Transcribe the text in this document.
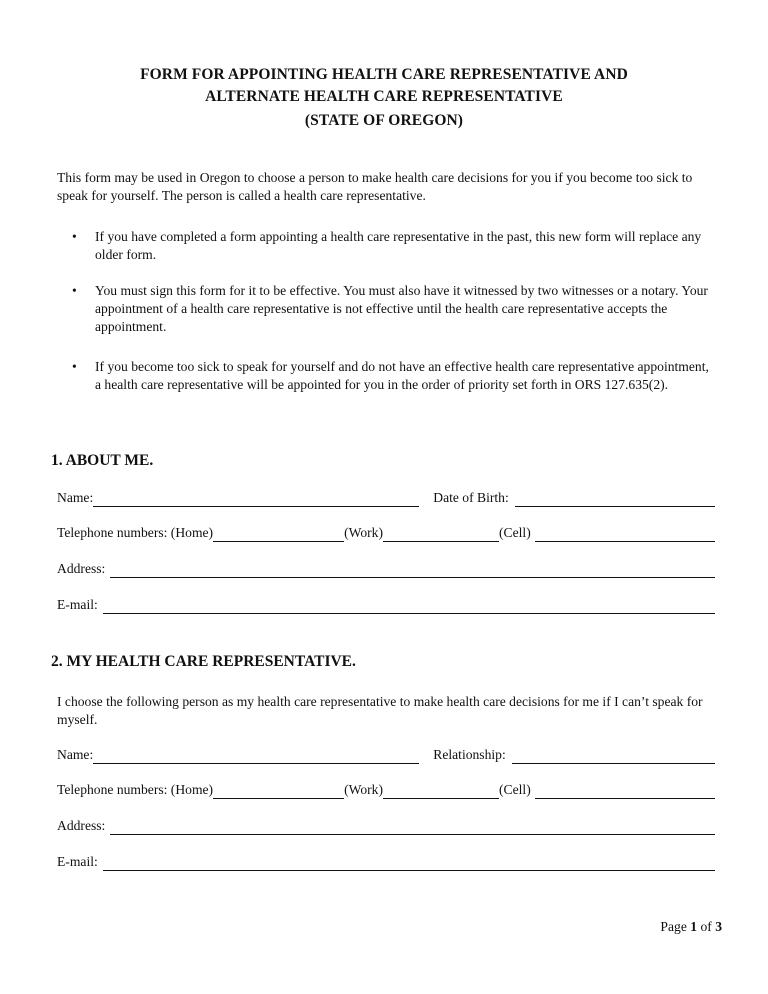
FORM FOR APPOINTING HEALTH CARE REPRESENTATIVE AND
ALTERNATE HEALTH CARE REPRESENTATIVE
(STATE OF OREGON)
This form may be used in Oregon to choose a person to make health care decisions for you if you become too sick to speak for yourself. The person is called a health care representative.
• If you have completed a form appointing a health care representative in the past, this new form will replace any older form.
• You must sign this form for it to be effective. You must also have it witnessed by two witnesses or a notary. Your appointment of a health care representative is not effective until the health care representative accepts the appointment.
• If you become too sick to speak for yourself and do not have an effective health care representative appointment, a health care representative will be appointed for you in the order of priority set forth in ORS 127.635(2).
1. ABOUT ME.
Name:	Date of Birth:
Telephone numbers: (Home)	(Work)	(Cell)
Address:
E-mail:
2. MY HEALTH CARE REPRESENTATIVE.
I choose the following person as my health care representative to make health care decisions for me if I can’t speak for myself.
Name:	Relationship:
Telephone numbers: (Home)	(Work)	(Cell)
Address:
E-mail:
Page 1 of 3
